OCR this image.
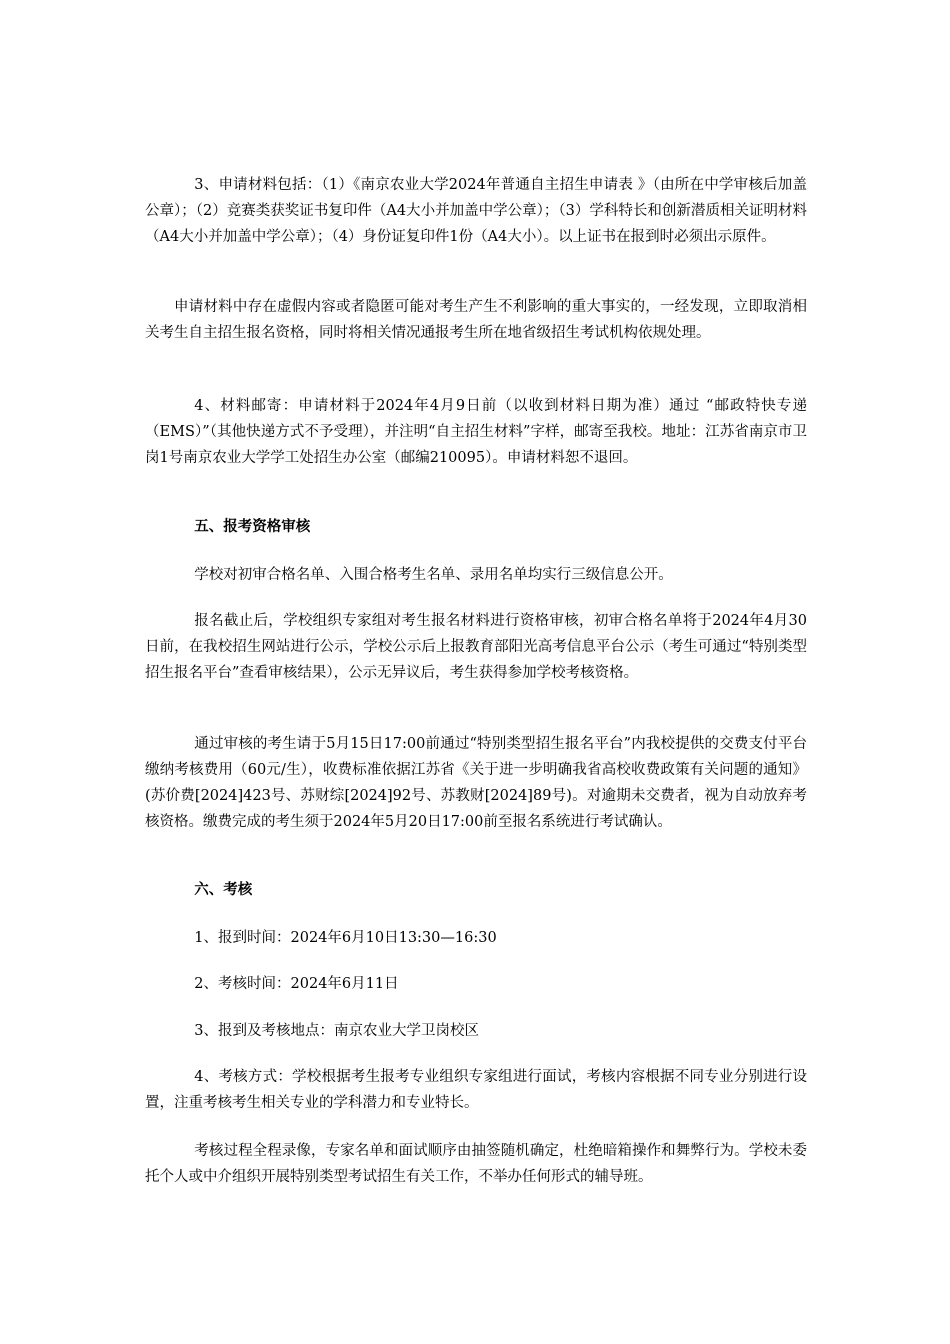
3、申请材料包括：（1）《南京农业大学2024年普通自主招生申请表 》（由所在中学审核后加盖公章）；（2）竞赛类获奖证书复印件（A4大小并加盖中学公章）；（3）学科特长和创新潜质相关证明材料（A4大小并加盖中学公章）；（4）身份证复印件1份（A4大小）。以上证书在报到时必须出示原件。

申请材料中存在虚假内容或者隐匿可能对考生产生不利影响的重大事实的，一经发现，立即取消相关考生自主招生报名资格，同时将相关情况通报考生所在地省级招生考试机构依规处理。

4、材料邮寄：申请材料于2024年4月9日前（以收到材料日期为准）通过 “邮政特快专递（EMS）”（其他快递方式不予受理），并注明“自主招生材料”字样，邮寄至我校。地址：江苏省南京市卫岗1号南京农业大学学工处招生办公室（邮编210095）。申请材料恕不退回。

五、报考资格审核

学校对初审合格名单、入围合格考生名单、录用名单均实行三级信息公开。

报名截止后，学校组织专家组对考生报名材料进行资格审核，初审合格名单将于2024年4月30日前，在我校招生网站进行公示，学校公示后上报教育部阳光高考信息平台公示（考生可通过“特别类型招生报名平台”查看审核结果），公示无异议后，考生获得参加学校考核资格。

通过审核的考生请于5月15日17:00前通过“特别类型招生报名平台”内我校提供的交费支付平台缴纳考核费用（60元/生），收费标准依据江苏省《关于进一步明确我省高校收费政策有关问题的通知》(苏价费[2024]423号、苏财综[2024]92号、苏教财[2024]89号)。对逾期未交费者，视为自动放弃考核资格。缴费完成的考生须于2024年5月20日17:00前至报名系统进行考试确认。

六、考核

1、报到时间：2024年6月10日13:30—16:30

2、考核时间：2024年6月11日

3、报到及考核地点：南京农业大学卫岗校区

4、考核方式：学校根据考生报考专业组织专家组进行面试，考核内容根据不同专业分别进行设置，注重考核考生相关专业的学科潜力和专业特长。

考核过程全程录像，专家名单和面试顺序由抽签随机确定，杜绝暗箱操作和舞弊行为。学校未委托个人或中介组织开展特别类型考试招生有关工作，不举办任何形式的辅导班。
